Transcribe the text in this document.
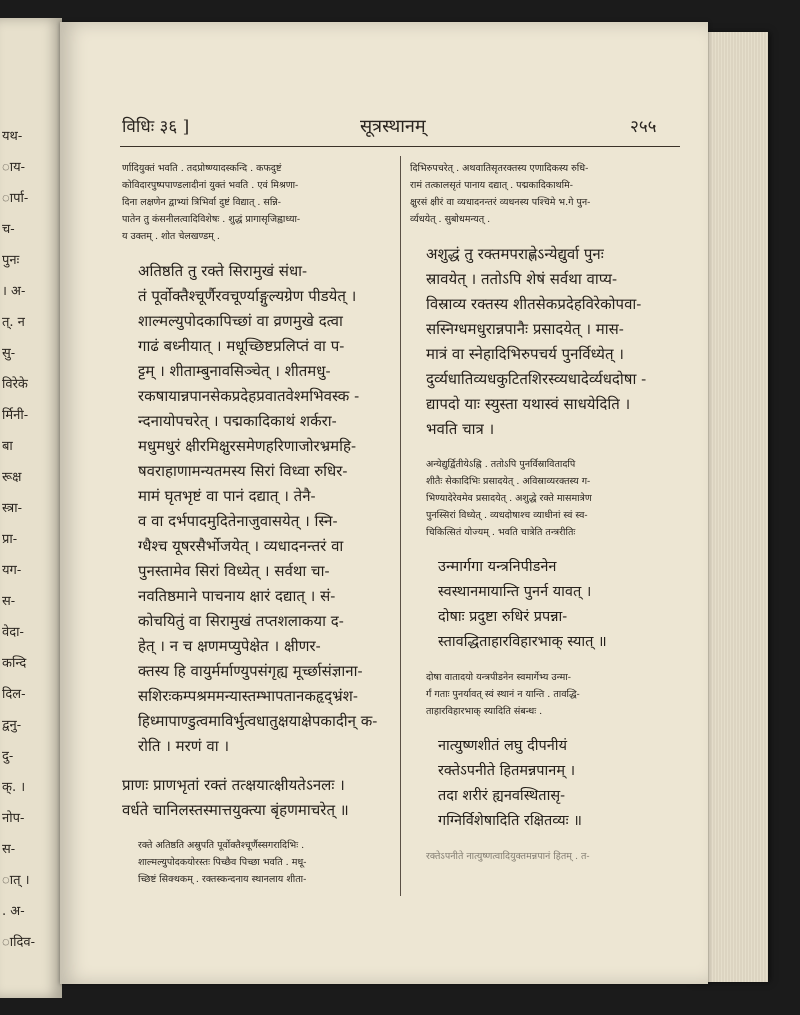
यथ-
ाय-
ार्पा-
च-
पुनः
। अ-
त्. न
सु-
विरेके
र्मिनी-
बा
रूक्ष
स्त्रा-
प्रा-
यग-
स-
वेदा-
कन्दि
दिल-
द्वनु-
दु-
क्. ।
नोप-
स-
ात् ।
. अ-
ादिव-
विधिः ३६ ]	सूत्रस्थानम्	२५५
र्णादियुक्तं भवति . तदप्रोष्ण्यादस्कन्दि . कफदुष्टं
कोविदारपुष्पपाण्डलादीनां युक्तं भवति . एवं मिश्रणा-
दिना लक्षणेन द्वाभ्यां त्रिभिर्वा दुष्टं विद्यात् . सन्नि-
पातेन तु कंसनीलत्वादिविशेषः . शुद्धं प्रागासृजिह्वाध्या-
य उक्तम् . शोत चेलखण्डम् .
अतिष्ठति तु रक्ते सिरामुखं संधा-
तं पूर्वोक्तैश्चूर्णैरवचूर्ण्याङ्गुल्यग्रेण पीडयेत् ।
शाल्मल्युपोदकापिच्छां वा व्रणमुखे दत्वा
गाढं बध्नीयात् । मधूच्छिष्टप्रलिप्तं वा प-
ट्टम् । शीताम्बुनावसिञ्चेत् । शीतमधु-
रकषायान्नपानसेकप्रदेहप्रवातवेश्मभिवस्क -
न्दनायोपचरेत् । पद्मकादिकाथं शर्करा-
मधुमधुरं क्षीरमिक्षुरसमेणहरिणाजोरभ्रमहि-
षवराहाणामन्यतमस्य सिरां विध्वा रुधिर-
मामं घृतभृष्टं वा पानं दद्यात् । तेनै-
व वा दर्भपादमुदितेनाजुवासयेत् । स्नि-
ग्धैश्च यूषरसैर्भोजयेत् । व्यधादनन्तरं वा
पुनस्तामेव सिरां विध्येत् । सर्वथा चा-
नवतिष्ठमाने पाचनाय क्षारं दद्यात् । सं-
कोचयितुं वा सिरामुखं तप्तशलाकया द-
हेत् । न च क्षणमप्युपेक्षेत । क्षीणर-
क्तस्य हि वायुर्मर्माण्युपसंगृह्य मूर्च्छासंज्ञाना-
सशिरःकम्पश्रममन्यास्तम्भापतानकहृद्भ्रंश-
हिध्मापाण्डुत्वमाविर्भुत्वधातुक्षयाक्षेपकादीन् क-
रोति । मरणं वा ।
प्राणः प्राणभृतां रक्तं तत्क्षयात्क्षीयतेऽनलः ।
वर्धते चानिलस्तस्मात्तयुक्त्या बृंहणमाचरेत् ॥
रक्ते अतिष्ठति अस्रुपति पूर्वोक्तैश्चूर्णैस्सगरादिभिः .
शाल्मल्युपोदकयोरस्तः पिच्छैव पिच्छा भवति . मधू-
च्छिष्टं सिक्थकम् . रक्तस्कन्दनाय स्थानलाय शीता-
दिभिरुपचरेत् . अथवातिसृतरक्तस्य एणादिकस्य रुधि-
रामं तत्कालसृतं पानाय दद्यात् . पद्मकादिकाथमि-
क्षुरसं क्षीरं वा व्यधादनन्तरं व्यधनस्य पश्चिमे भ.गे पुन-
र्व्यधयेत् . सुबोधमन्यत् .
अशुद्धं तु रक्तमपराह्णेऽन्येद्युर्वा पुनः
स्रावयेत् । ततोऽपि शेषं सर्वथा वाप्य-
विस्राव्य रक्तस्य शीतसेकप्रदेहविरेकोपवा-
सस्निग्धमधुरान्नपानैः प्रसादयेत् । मास-
मात्रं वा स्नेहादिभिरुपचर्य पुनर्विध्येत् ।
दुर्व्यधातिव्यधकुटितशिरस्व्यधादेर्व्यधदोषा -
द्यापदो याः स्युस्ता यथास्वं साधयेदिति ।
भवति चात्र ।
अन्येद्युर्द्वितीयेऽह्नि . ततोऽपि पुनर्विस्रावितादपि
शीतैः सेकादिभिः प्रसादयेत् . अविस्राव्यरक्तस्य ग-
भिण्यादेरेवमेव प्रसादयेत् . अशुद्धे रक्ते मासमात्रेण
पुनस्सिरां विध्येत् . व्यधदोषाश्च व्याधीनां स्वं स्व-
चिकित्सितं योज्यम् . भवति चात्रेति तन्त्ररीतिः
उन्मार्गगा यन्त्रनिपीडनेन
स्वस्थानमायान्ति पुनर्न यावत् ।
दोषाः प्रदुष्टा रुधिरं प्रपन्ना-
स्तावद्धिताहारविहारभाक् स्यात् ॥
दोषा वातादयो यन्त्रपीडनेन स्वमार्गेभ्य उन्मा-
र्गं गताः पुनर्यावत् स्वं स्थानं न यान्ति . तावद्धि-
ताहारविहारभाक् स्यादिति संबन्धः .
नात्युष्णशीतं लघु दीपनीयं
रक्तेऽपनीते हितमन्नपानम् ।
तदा शरीरं ह्यनवस्थितासृ-
गग्निर्विशेषादिति रक्षितव्यः ॥
रक्तेऽपनीते नात्युष्णत्वादियुक्तमन्नपानं हितम् . त-
